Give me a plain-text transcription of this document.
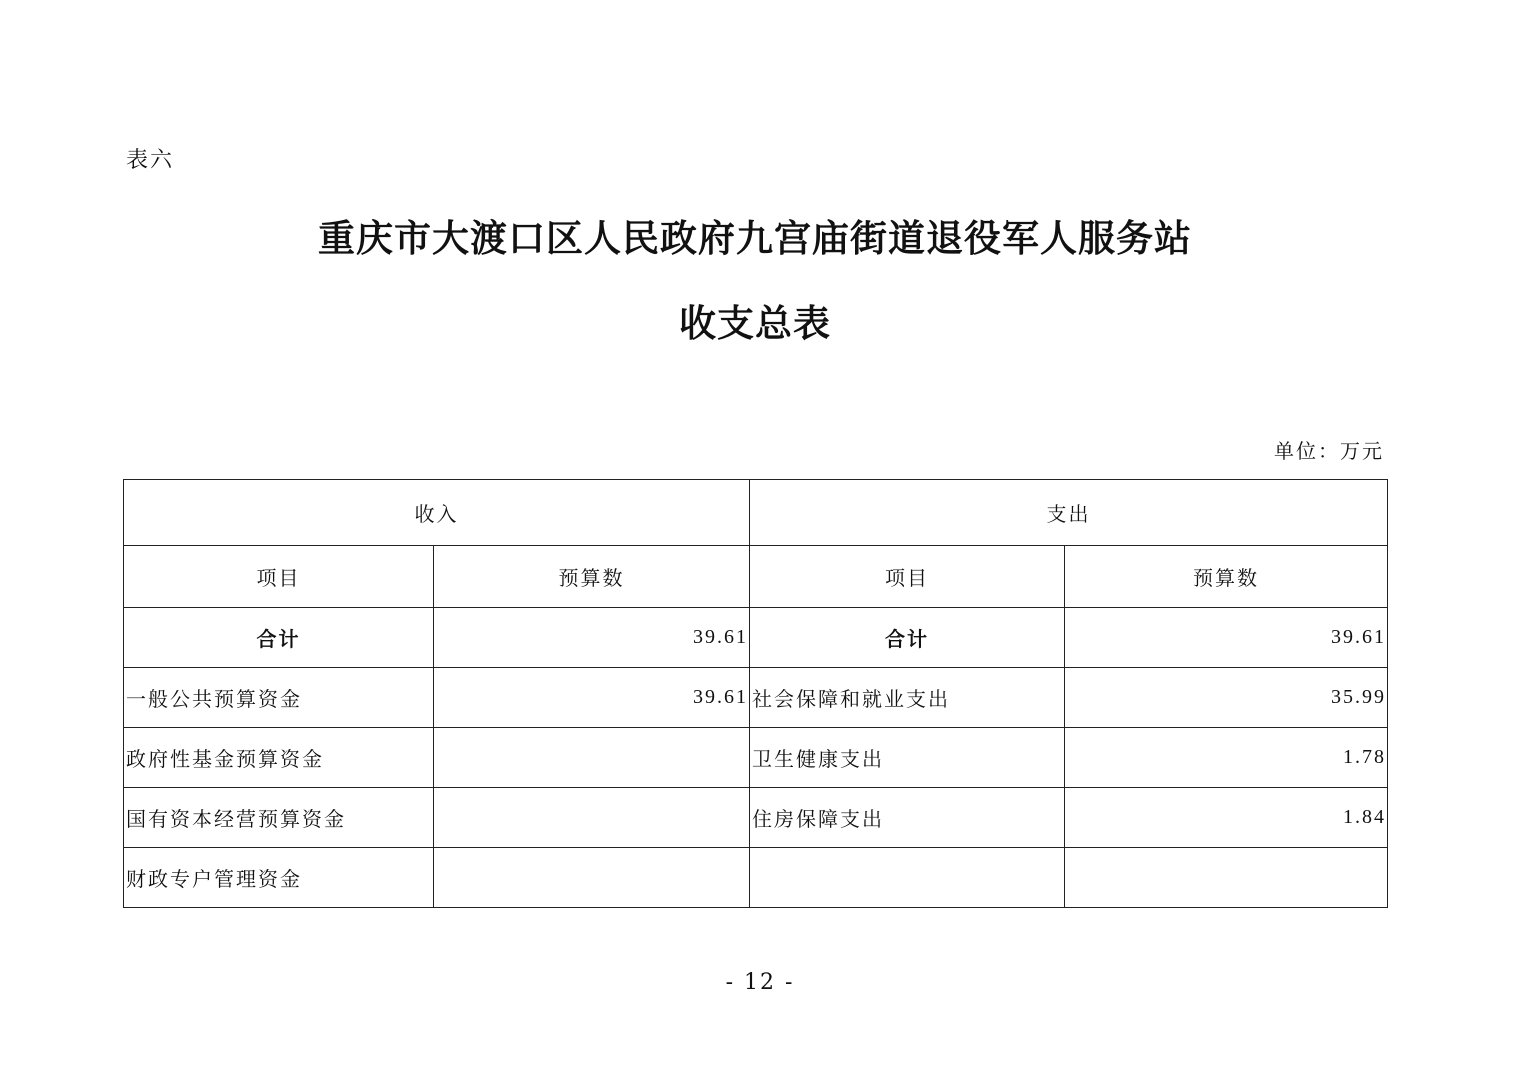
表六
重庆市大渡口区人民政府九宫庙街道退役军人服务站
收支总表
单位：万元
收入		支出	
项目	预算数	项目	预算数
合计	39.61	合计	39.61
一般公共预算资金	39.61	社会保障和就业支出	35.99
政府性基金预算资金		卫生健康支出	1.78
国有资本经营预算资金		住房保障支出	1.84
财政专户管理资金			
- 12 -
